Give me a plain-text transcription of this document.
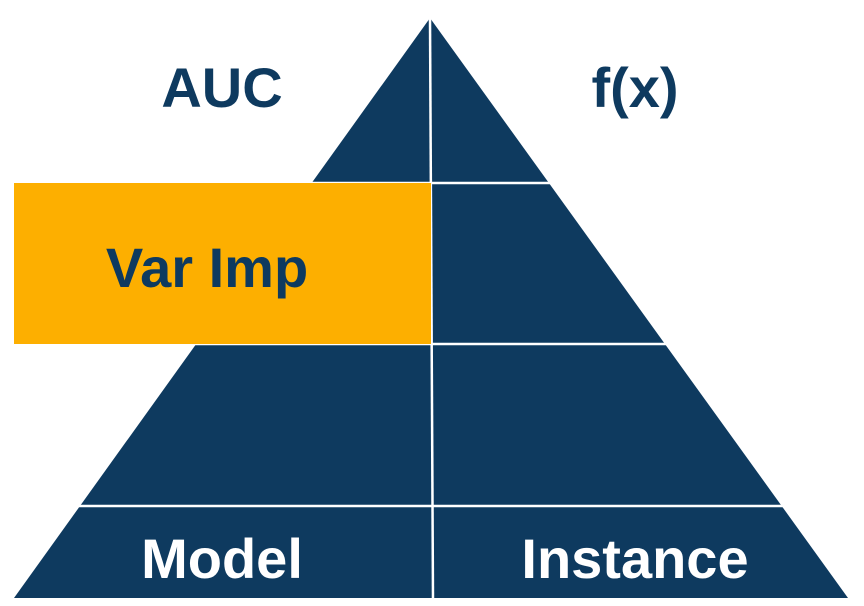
AUC	f(x)
Var Imp
Model	Instance
